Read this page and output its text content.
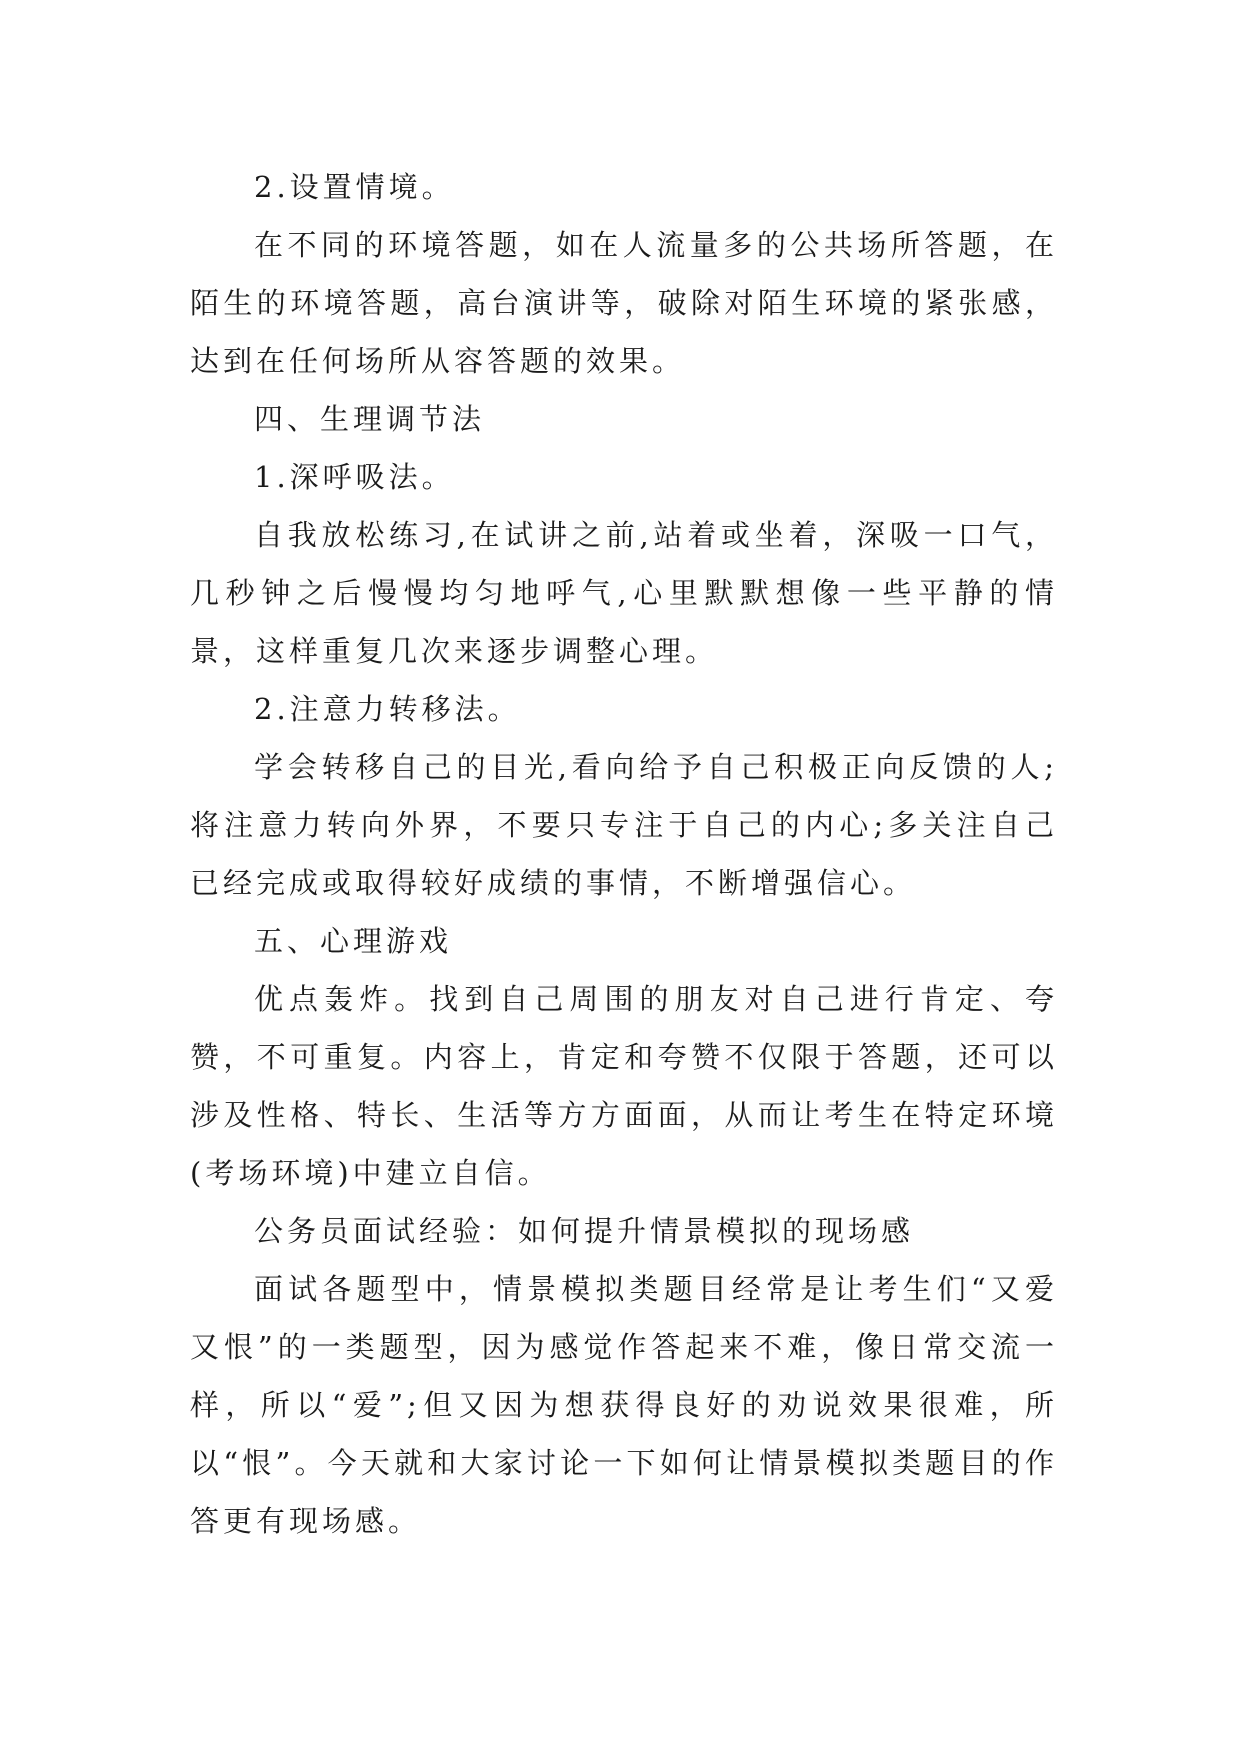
2.设置情境。

在不同的环境答题，如在人流量多的公共场所答题，在陌生的环境答题，高台演讲等，破除对陌生环境的紧张感，达到在任何场所从容答题的效果。

四、生理调节法

1.深呼吸法。

自我放松练习,在试讲之前,站着或坐着，深吸一口气，几秒钟之后慢慢均匀地呼气,心里默默想像一些平静的情景，这样重复几次来逐步调整心理。

2.注意力转移法。

学会转移自己的目光,看向给予自己积极正向反馈的人;将注意力转向外界，不要只专注于自己的内心;多关注自己已经完成或取得较好成绩的事情，不断增强信心。

五、心理游戏

优点轰炸。找到自己周围的朋友对自己进行肯定、夸赞，不可重复。内容上，肯定和夸赞不仅限于答题，还可以涉及性格、特长、生活等方方面面，从而让考生在特定环境(考场环境)中建立自信。

公务员面试经验：如何提升情景模拟的现场感

面试各题型中，情景模拟类题目经常是让考生们“又爱又恨”的一类题型，因为感觉作答起来不难，像日常交流一样，所以“爱”;但又因为想获得良好的劝说效果很难，所以“恨”。今天就和大家讨论一下如何让情景模拟类题目的作答更有现场感。
